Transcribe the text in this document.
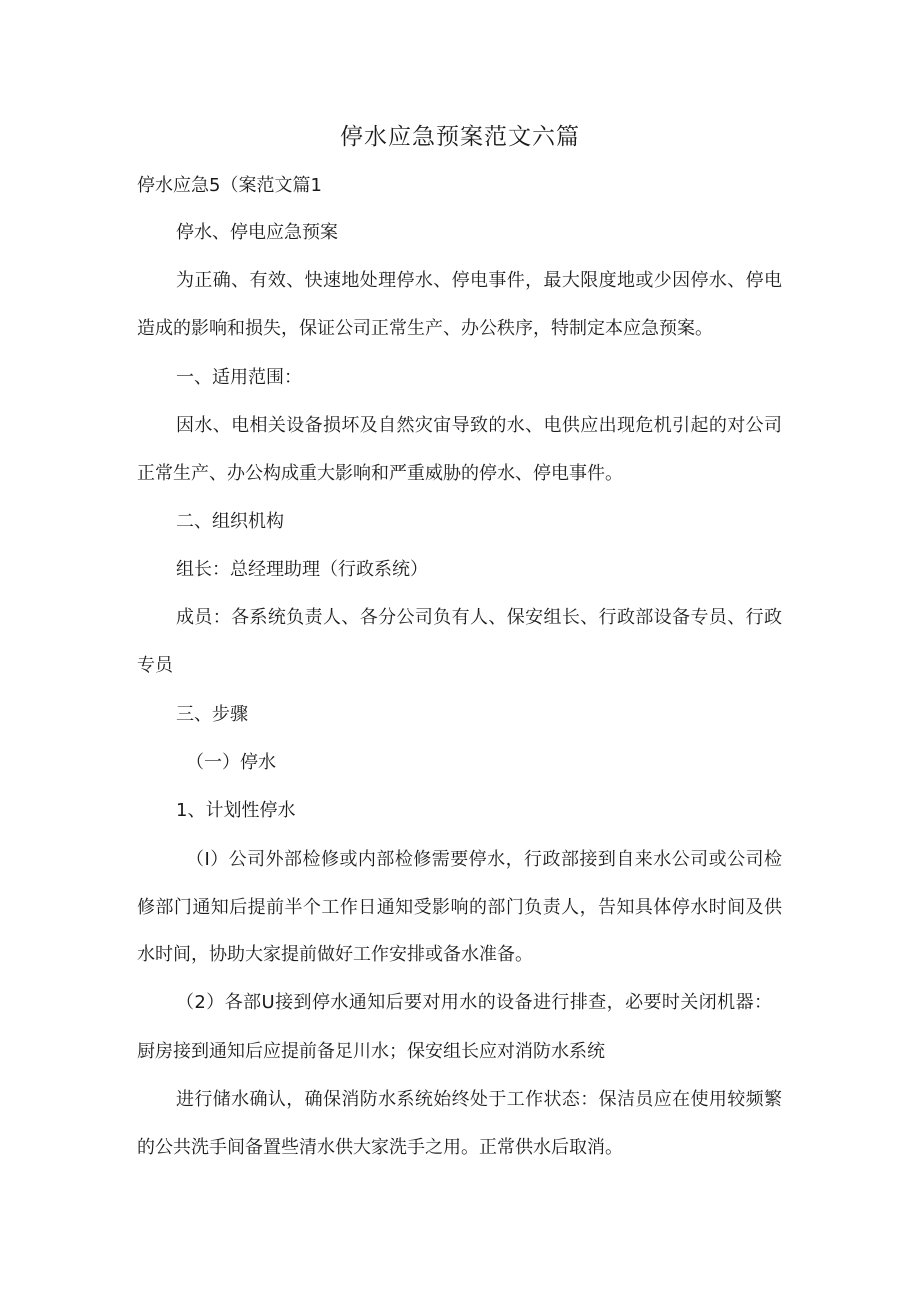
停水应急预案范文六篇
停水应急5（案范文篇1
停水、停电应急预案
为正确、有效、快速地处理停水、停电事件，最大限度地或少因停水、停电
造成的影响和损失，保证公司正常生产、办公秩序，特制定本应急预案。
一、适用范围：
因水、电相关设备损坏及自然灾宙导致的水、电供应出现危机引起的对公司
正常生产、办公构成重大影响和严重威胁的停水、停电事件。
二、组织机构
组长：总经理助理（行政系统）
成员：各系统负责人、各分公司负有人、保安组长、行政部设备专员、行政
专员
三、步骤
（一）停水
1、计划性停水
（I）公司外部检修或内部检修需要停水，行政部接到自来水公司或公司检
修部门通知后提前半个工作日通知受影响的部门负责人，告知具体停水时间及供
水时间，协助大家提前做好工作安排或备水准备。
（2）各部U接到停水通知后要对用水的设备进行排查，必要时关闭机器：
厨房接到通知后应提前备足川水；保安组长应对消防水系统
进行储水确认，确保消防水系统始终处于工作状态：保洁员应在使用较频繁
的公共洗手间备置些清水供大家洗手之用。正常供水后取消。
